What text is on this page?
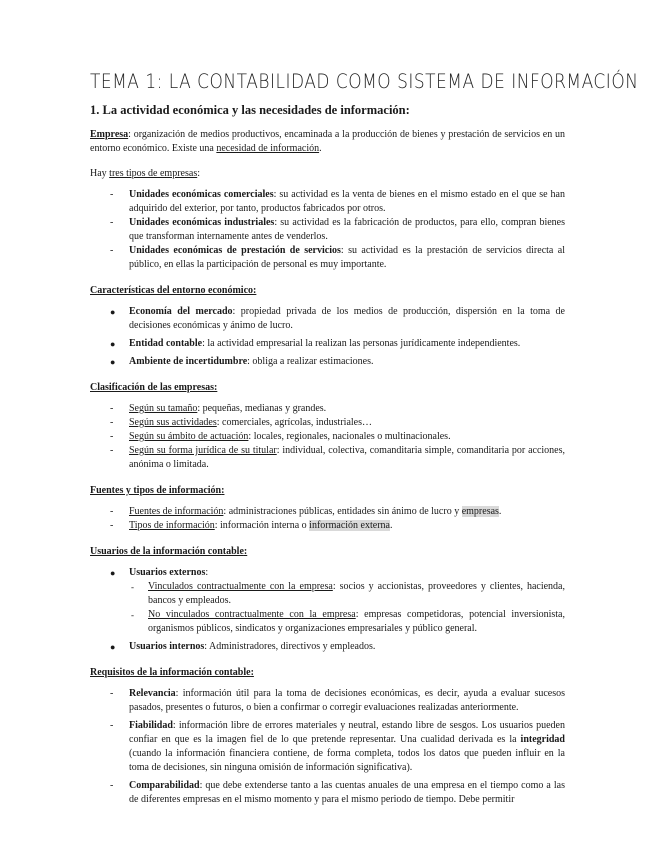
TEMA 1: LA CONTABILIDAD COMO SISTEMA DE INFORMACIÓN
1. La actividad económica y las necesidades de información:

Empresa: organización de medios productivos, encaminada a la producción de bienes y prestación de servicios en un entorno económico. Existe una necesidad de información.

Hay tres tipos de empresas:

- Unidades económicas comerciales: su actividad es la venta de bienes en el mismo estado en el que se han adquirido del exterior, por tanto, productos fabricados por otros.
- Unidades económicas industriales: su actividad es la fabricación de productos, para ello, compran bienes que transforman internamente antes de venderlos.
- Unidades económicas de prestación de servicios: su actividad es la prestación de servicios directa al público, en ellas la participación de personal es muy importante.

Características del entorno económico:

● Economía del mercado: propiedad privada de los medios de producción, dispersión en la toma de decisiones económicas y ánimo de lucro.
● Entidad contable: la actividad empresarial la realizan las personas jurídicamente independientes.
● Ambiente de incertidumbre: obliga a realizar estimaciones.

Clasificación de las empresas:

- Según su tamaño: pequeñas, medianas y grandes.
- Según sus actividades: comerciales, agrícolas, industriales…
- Según su ámbito de actuación: locales, regionales, nacionales o multinacionales.
- Según su forma jurídica de su titular: individual, colectiva, comanditaria simple, comanditaria por acciones, anónima o limitada.

Fuentes y tipos de información:

- Fuentes de información: administraciones públicas, entidades sin ánimo de lucro y empresas.
- Tipos de información: información interna o información externa.

Usuarios de la información contable:

● Usuarios externos:
- Vinculados contractualmente con la empresa: socios y accionistas, proveedores y clientes, hacienda, bancos y empleados.
- No vinculados contractualmente con la empresa: empresas competidoras, potencial inversionista, organismos públicos, sindicatos y organizaciones empresariales y público general.
● Usuarios internos: Administradores, directivos y empleados.

Requisitos de la información contable:

- Relevancia: información útil para la toma de decisiones económicas, es decir, ayuda a evaluar sucesos pasados, presentes o futuros, o bien a confirmar o corregir evaluaciones realizadas anteriormente.
- Fiabilidad: información libre de errores materiales y neutral, estando libre de sesgos. Los usuarios pueden confiar en que es la imagen fiel de lo que pretende representar. Una cualidad derivada es la integridad (cuando la información financiera contiene, de forma completa, todos los datos que pueden influir en la toma de decisiones, sin ninguna omisión de información significativa).
- Comparabilidad: que debe extenderse tanto a las cuentas anuales de una empresa en el tiempo como a las de diferentes empresas en el mismo momento y para el mismo periodo de tiempo. Debe permitir
